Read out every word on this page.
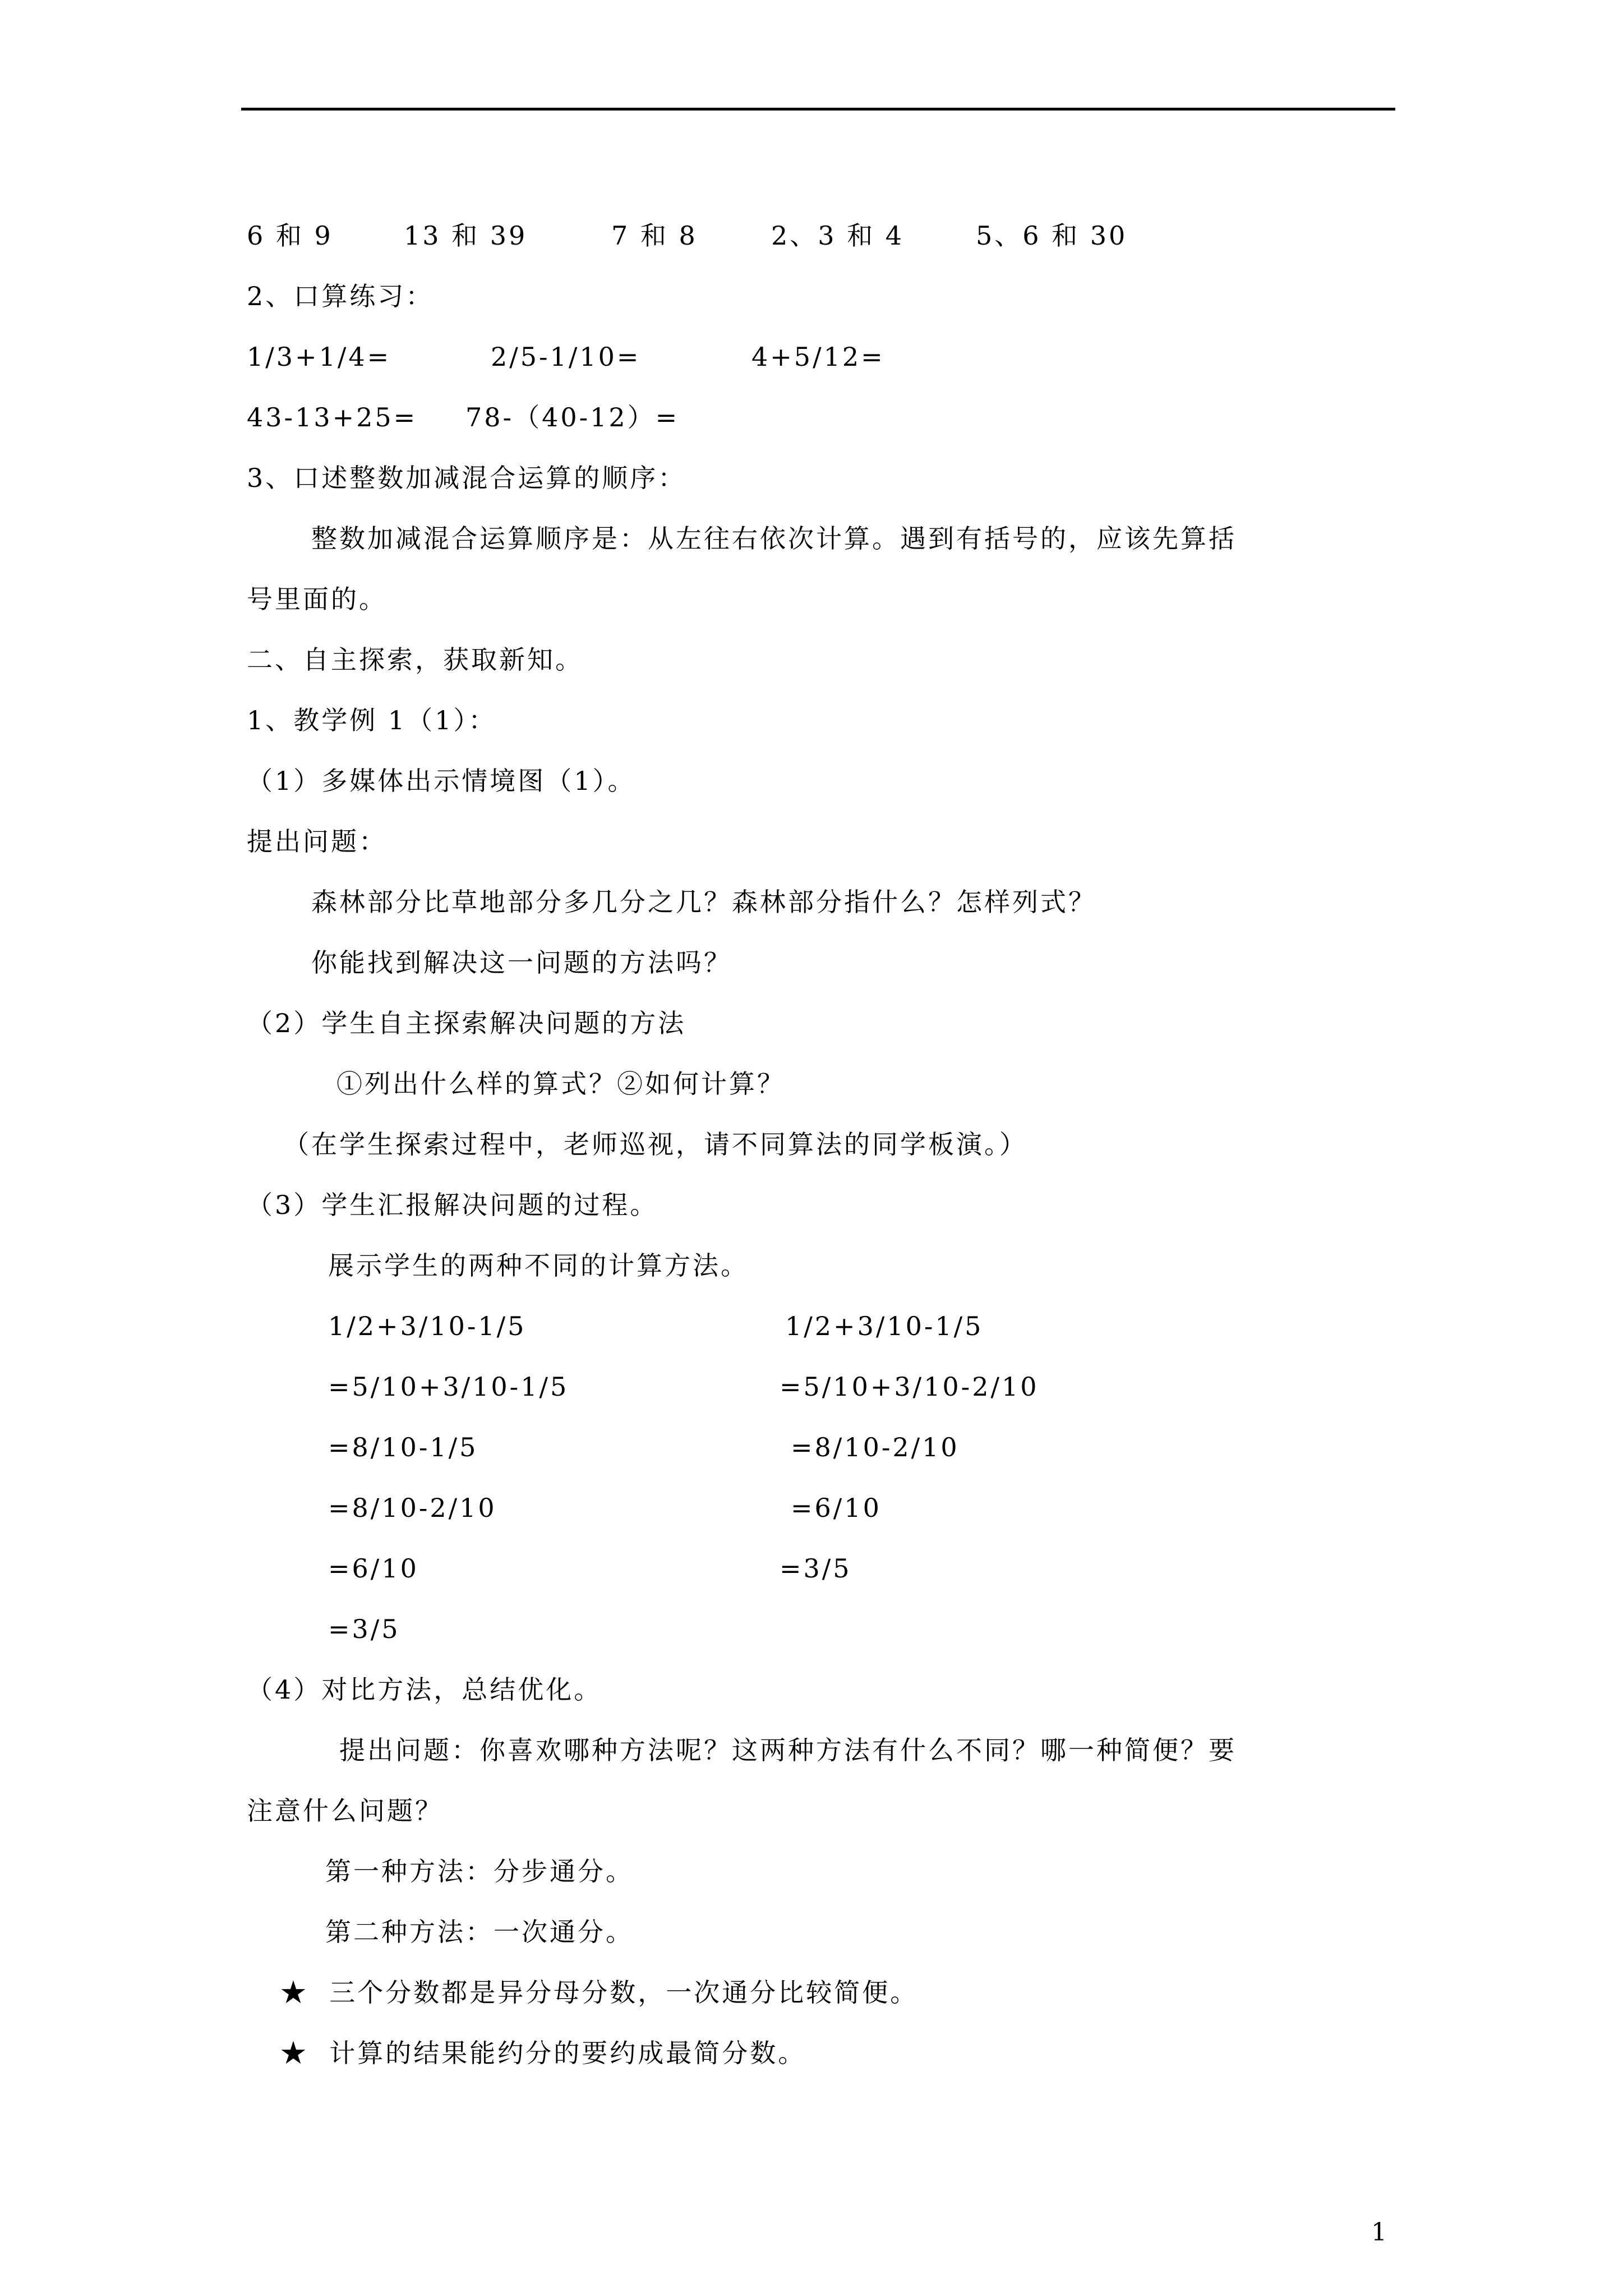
6 和 9	13 和 39	7 和 8	2、3 和 4	5、6 和 30
2、口算练习：
1/3+1/4=	2/5-1/10=	4+5/12=
43-13+25= 78-（40-12）=
3、口述整数加减混合运算的顺序：
整数加减混合运算顺序是：从左往右依次计算。遇到有括号的，应该先算括
号里面的。
二、自主探索，获取新知。
1、教学例 1（1）：
（1）多媒体出示情境图（1）。
提出问题：
森林部分比草地部分多几分之几？森林部分指什么？怎样列式？
你能找到解决这一问题的方法吗？
（2）学生自主探索解决问题的方法
①列出什么样的算式？②如何计算？
（在学生探索过程中，老师巡视，请不同算法的同学板演。）
（3）学生汇报解决问题的过程。
展示学生的两种不同的计算方法。
1/2+3/10-1/5
=5/10+3/10-1/5
=8/10-1/5
=8/10-2/10
=6/10
=3/5
1/2+3/10-1/5
=5/10+3/10-2/10
=8/10-2/10
=6/10
=3/5
（4）对比方法，总结优化。
提出问题：你喜欢哪种方法呢？这两种方法有什么不同？哪一种简便？要
注意什么问题？
第一种方法：分步通分。
第二种方法：一次通分。
★  三个分数都是异分母分数，一次通分比较简便。
★  计算的结果能约分的要约成最简分数。
1
